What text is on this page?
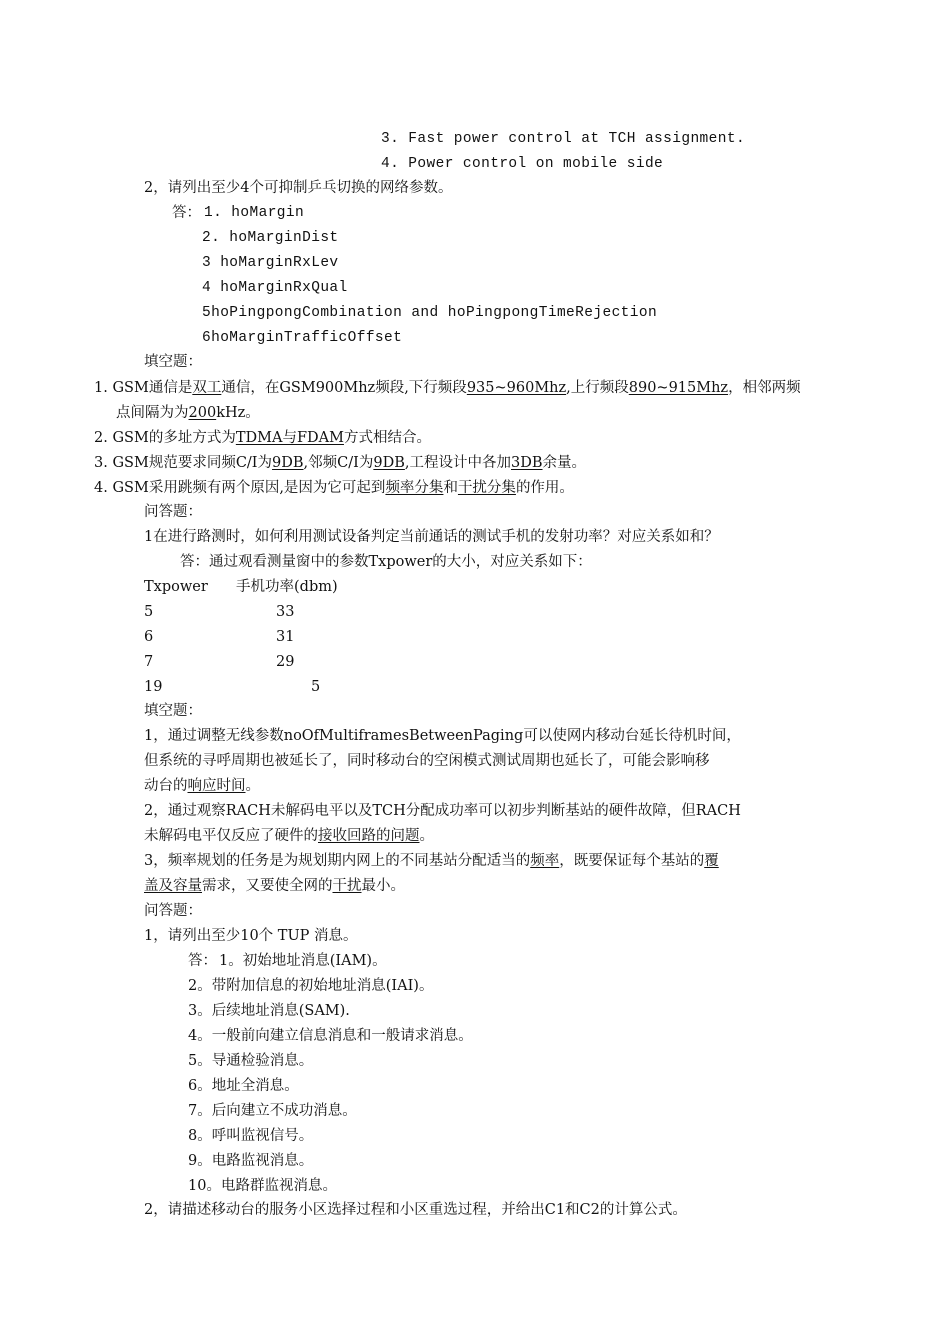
3. Fast power control at TCH assignment.
4. Power control on mobile side
2，请列出至少4个可抑制乒乓切换的网络参数。
答： 1. hoMargin
2. hoMarginDist
3 hoMarginRxLev
4 hoMarginRxQual
5hoPingpongCombination and hoPingpongTimeRejection
6hoMarginTrafficOffset
填空题：
1. GSM通信是双工通信，在GSM900Mhz频段,下行频段935~960Mhz,上行频段890~915Mhz，相邻两频
点间隔为为200kHz。
2. GSM的多址方式为TDMA与FDAM方式相结合。
3. GSM规范要求同频C/I为9DB,邻频C/I为9DB,工程设计中各加3DB余量。
4. GSM采用跳频有两个原因,是因为它可起到频率分集和干扰分集的作用。
问答题：
1在进行路测时，如何利用测试设备判定当前通话的测试手机的发射功率？对应关系如和？
答：通过观看测量窗中的参数Txpower的大小，对应关系如下：
Txpower 手机功率(dbm)
5	33
6	31
7	29
19	5
填空题：
1，通过调整无线参数noOfMultiframesBetweenPaging可以使网内移动台延长待机时间，
但系统的寻呼周期也被延长了，同时移动台的空闲模式测试周期也延长了，可能会影响移
动台的响应时间。
2，通过观察RACH未解码电平以及TCH分配成功率可以初步判断基站的硬件故障，但RACH
未解码电平仅反应了硬件的接收回路的问题。
3，频率规划的任务是为规划期内网上的不同基站分配适当的频率，既要保证每个基站的覆
盖及容量需求，又要使全网的干扰最小。
问答题：
1，请列出至少10个 TUP 消息。
答： 1。初始地址消息(IAM)。
2。带附加信息的初始地址消息(IAI)。
3。后续地址消息(SAM).
4。一般前向建立信息消息和一般请求消息。
5。导通检验消息。
6。地址全消息。
7。后向建立不成功消息。
8。呼叫监视信号。
9。电路监视消息。
10。电路群监视消息。
2，请描述移动台的服务小区选择过程和小区重选过程，并给出C1和C2的计算公式。
